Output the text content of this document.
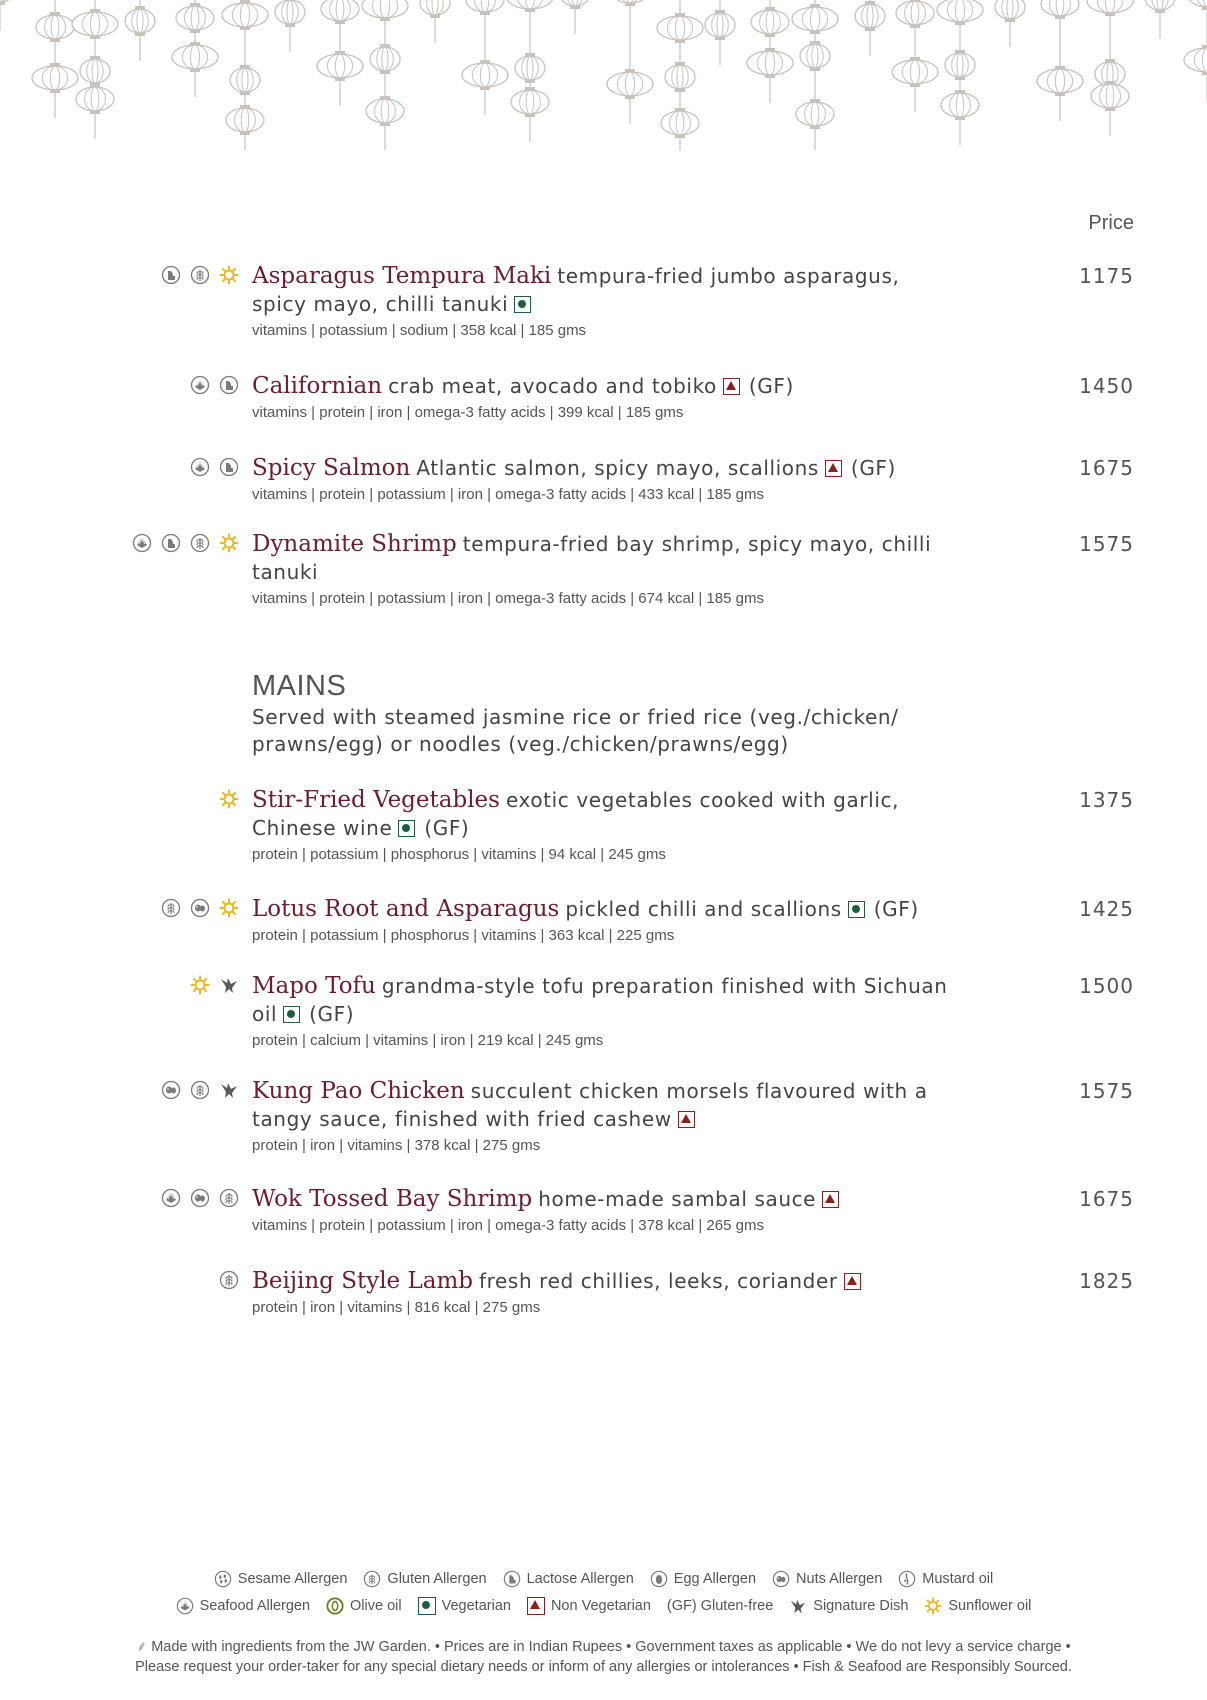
Price
Asparagus Tempura Maki tempura-fried jumbo asparagus, spicy mayo, chilli tanuki
vitamins | potassium | sodium | 358 kcal | 185 gms
1175
Californian crab meat, avocado and tobiko (GF)
vitamins | protein | iron | omega-3 fatty acids | 399 kcal | 185 gms
1450
Spicy Salmon Atlantic salmon, spicy mayo, scallions (GF)
vitamins | protein | potassium | iron | omega-3 fatty acids | 433 kcal | 185 gms
1675
Dynamite Shrimp tempura-fried bay shrimp, spicy mayo, chilli tanuki
vitamins | protein | potassium | iron | omega-3 fatty acids | 674 kcal | 185 gms
1575
MAINS
Served with steamed jasmine rice or fried rice (veg./chicken/ prawns/egg) or noodles (veg./chicken/prawns/egg)
Stir-Fried Vegetables exotic vegetables cooked with garlic, Chinese wine (GF)
protein | potassium | phosphorus | vitamins | 94 kcal | 245 gms
1375
Lotus Root and Asparagus pickled chilli and scallions (GF)
protein | potassium | phosphorus | vitamins | 363 kcal | 225 gms
1425
Mapo Tofu grandma-style tofu preparation finished with Sichuan oil (GF)
protein | calcium | vitamins | iron | 219 kcal | 245 gms
1500
Kung Pao Chicken succulent chicken morsels flavoured with a tangy sauce, finished with fried cashew
protein | iron | vitamins | 378 kcal | 275 gms
1575
Wok Tossed Bay Shrimp home-made sambal sauce
vitamins | protein | potassium | iron | omega-3 fatty acids | 378 kcal | 265 gms
1675
Beijing Style Lamb fresh red chillies, leeks, coriander
protein | iron | vitamins | 816 kcal | 275 gms
1825
Sesame Allergen	Gluten Allergen	Lactose Allergen	Egg Allergen	Nuts Allergen	Mustard oil
Seafood Allergen	Olive oil	Vegetarian	Non Vegetarian (GF) Gluten-free	Signature Dish	Sunflower oil
⸙ Made with ingredients from the JW Garden. • Prices are in Indian Rupees • Government taxes as applicable • We do not levy a service charge •
Please request your order-taker for any special dietary needs or inform of any allergies or intolerances • Fish & Seafood are Responsibly Sourced.
